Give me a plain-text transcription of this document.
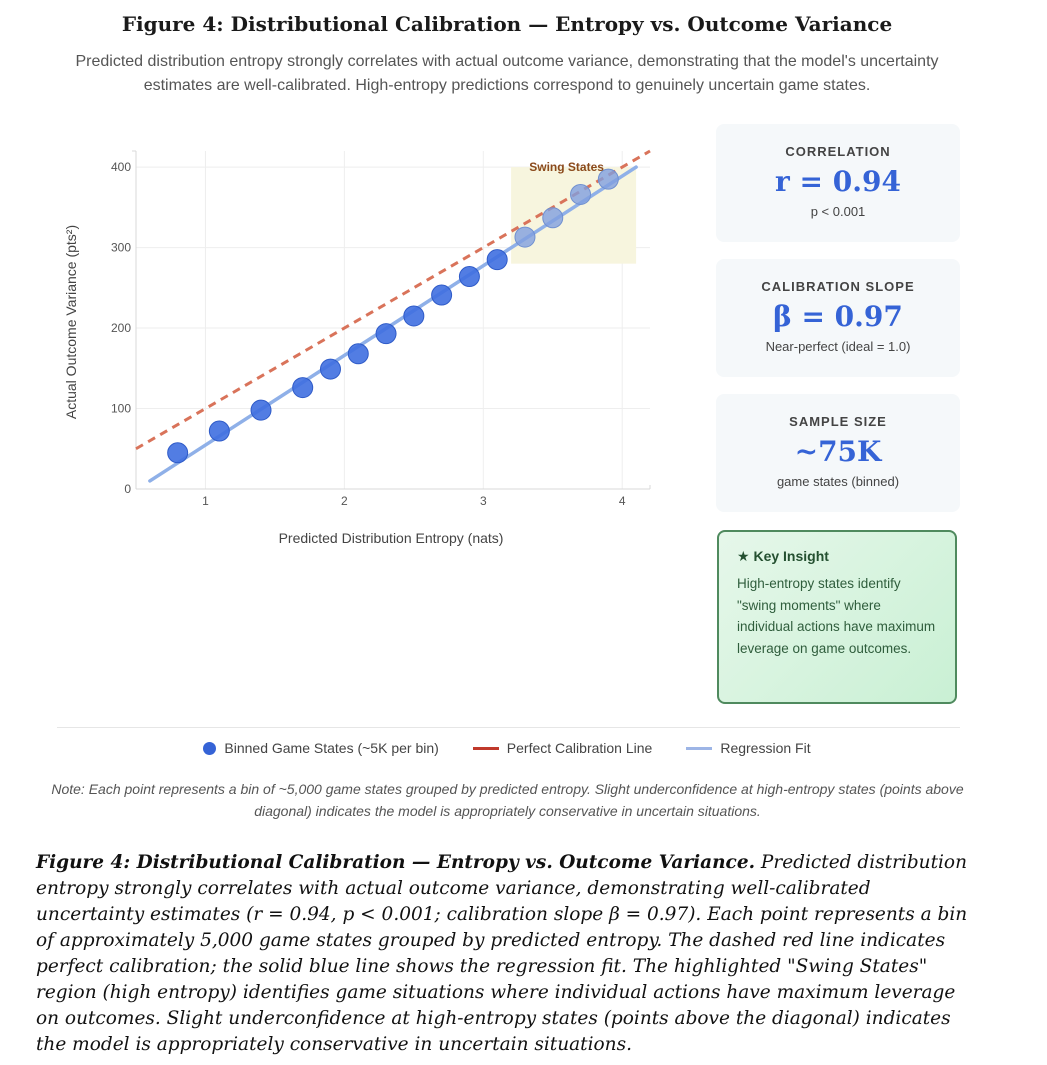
Figure 4: Distributional Calibration — Entropy vs. Outcome Variance
Predicted distribution entropy strongly correlates with actual outcome variance, demonstrating that the model's uncertainty estimates are well-calibrated. High-entropy predictions correspond to genuinely uncertain game states.
1	2	3	4
0
100
200
300
400
Predicted Distribution Entropy (nats)
Actual Outcome Variance (pts²)
Swing States
CORRELATION
r = 0.94
p < 0.001
CALIBRATION SLOPE
β = 0.97
Near-perfect (ideal = 1.0)
SAMPLE SIZE
~75K
game states (binned)
★ Key Insight
High-entropy states identify "swing moments" where individual actions have maximum leverage on game outcomes.
Binned Game States (~5K per bin)	Perfect Calibration Line	Regression Fit
Note: Each point represents a bin of ~5,000 game states grouped by predicted entropy. Slight underconfidence at high-entropy states (points above diagonal) indicates the model is appropriately conservative in uncertain situations.
Figure 4: Distributional Calibration — Entropy vs. Outcome Variance. Predicted distribution entropy strongly correlates with actual outcome variance, demonstrating well-calibrated uncertainty estimates (r = 0.94, p < 0.001; calibration slope β = 0.97). Each point represents a bin of approximately 5,000 game states grouped by predicted entropy. The dashed red line indicates perfect calibration; the solid blue line shows the regression fit. The highlighted "Swing States" region (high entropy) identifies game situations where individual actions have maximum leverage on outcomes. Slight underconfidence at high-entropy states (points above the diagonal) indicates the model is appropriately conservative in uncertain situations.
